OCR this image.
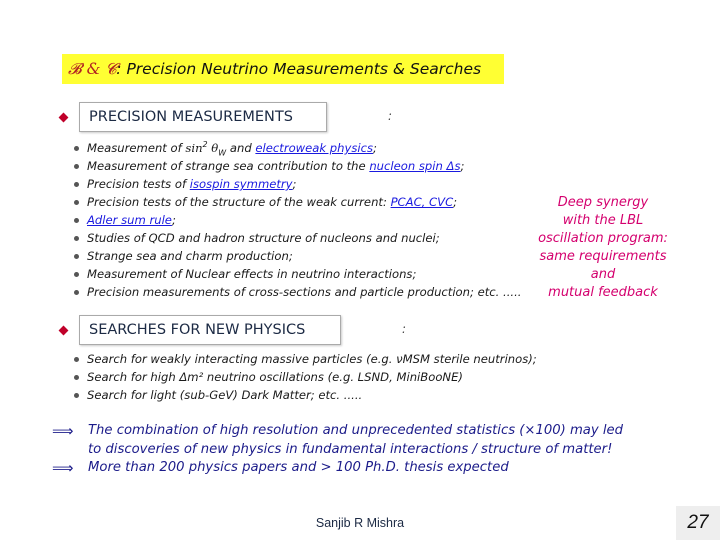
𝓑 & 𝓒: Precision Neutrino Measurements & Searches
PRECISION MEASUREMENTS	:
Measurement of $\sin^2 \theta_W$ and electroweak physics;
Measurement of strange sea contribution to the nucleon spin Δs;
Precision tests of isospin symmetry;
Precision tests of the structure of the weak current: PCAC, CVC;
Adler sum rule;
Studies of QCD and hadron structure of nucleons and nuclei;
Strange sea and charm production;
Measurement of Nuclear effects in neutrino interactions;
Precision measurements of cross-sections and particle production; etc. .....
Deep synergy
with the LBL
oscillation program:
same requirements
and
mutual feedback
SEARCHES FOR NEW PHYSICS	:
Search for weakly interacting massive particles (e.g. νMSM sterile neutrinos);
Search for high Δm² neutrino oscillations (e.g. LSND, MiniBooNE)
Search for light (sub-GeV) Dark Matter; etc. .....
⟹ The combination of high resolution and unprecedented statistics (×100) may led
to discoveries of new physics in fundamental interactions / structure of matter!
⟹ More than 200 physics papers and > 100 Ph.D. thesis expected
Sanjib R Mishra	27
